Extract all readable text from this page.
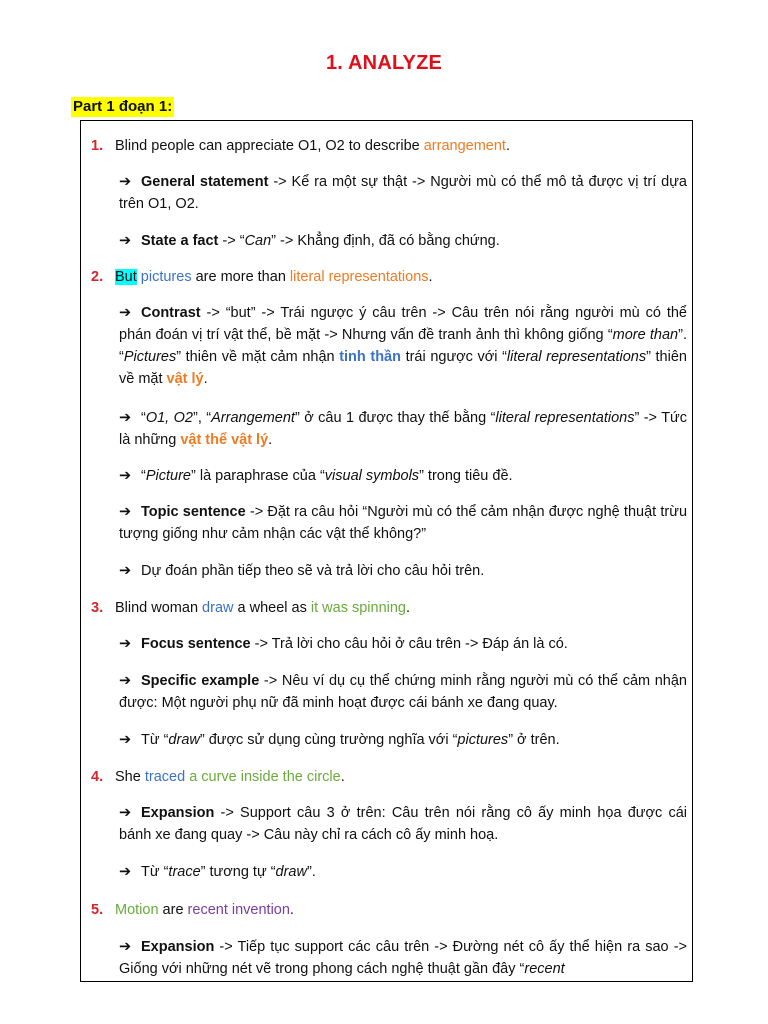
1. ANALYZE
Part 1 đoạn 1:
1. Blind people can appreciate O1, O2 to describe arrangement.
➔ General statement -> Kể ra một sự thật -> Người mù có thể mô tả được vị trí dựa trên O1, O2.
➔ State a fact -> “Can” -> Khẳng định, đã có bằng chứng.
2. But pictures are more than literal representations.
➔ Contrast -> “but” -> Trái ngược ý câu trên -> Câu trên nói rằng người mù có thể phán đoán vị trí vật thể, bề mặt -> Nhưng vấn đề tranh ảnh thì không giống “more than”. “Pictures” thiên về mặt cảm nhận tinh thần trái ngược với “literal representations” thiên về mặt vật lý.
➔ “O1, O2”, “Arrangement” ở câu 1 được thay thế bằng “literal representations” -> Tức là những vật thể vật lý.
➔ “Picture” là paraphrase của “visual symbols” trong tiêu đề.
➔ Topic sentence -> Đặt ra câu hỏi “Người mù có thể cảm nhận được nghệ thuật trừu tượng giống như cảm nhận các vật thể không?”
➔ Dự đoán phần tiếp theo sẽ và trả lời cho câu hỏi trên.
3. Blind woman draw a wheel as it was spinning.
➔ Focus sentence -> Trả lời cho câu hỏi ở câu trên -> Đáp án là có.
➔ Specific example -> Nêu ví dụ cụ thể chứng minh rằng người mù có thể cảm nhận được: Một người phụ nữ đã minh hoạt được cái bánh xe đang quay.
➔ Từ “draw” được sử dụng cùng trường nghĩa với “pictures” ở trên.
4. She traced a curve inside the circle.
➔ Expansion -> Support câu 3 ở trên: Câu trên nói rằng cô ấy minh họa được cái bánh xe đang quay -> Câu này chỉ ra cách cô ấy minh hoạ.
➔ Từ “trace” tương tự “draw”.
5. Motion are recent invention.
➔ Expansion -> Tiếp tục support các câu trên -> Đường nét cô ấy thể hiện ra sao -> Giống với những nét vẽ trong phong cách nghệ thuật gần đây “recent
